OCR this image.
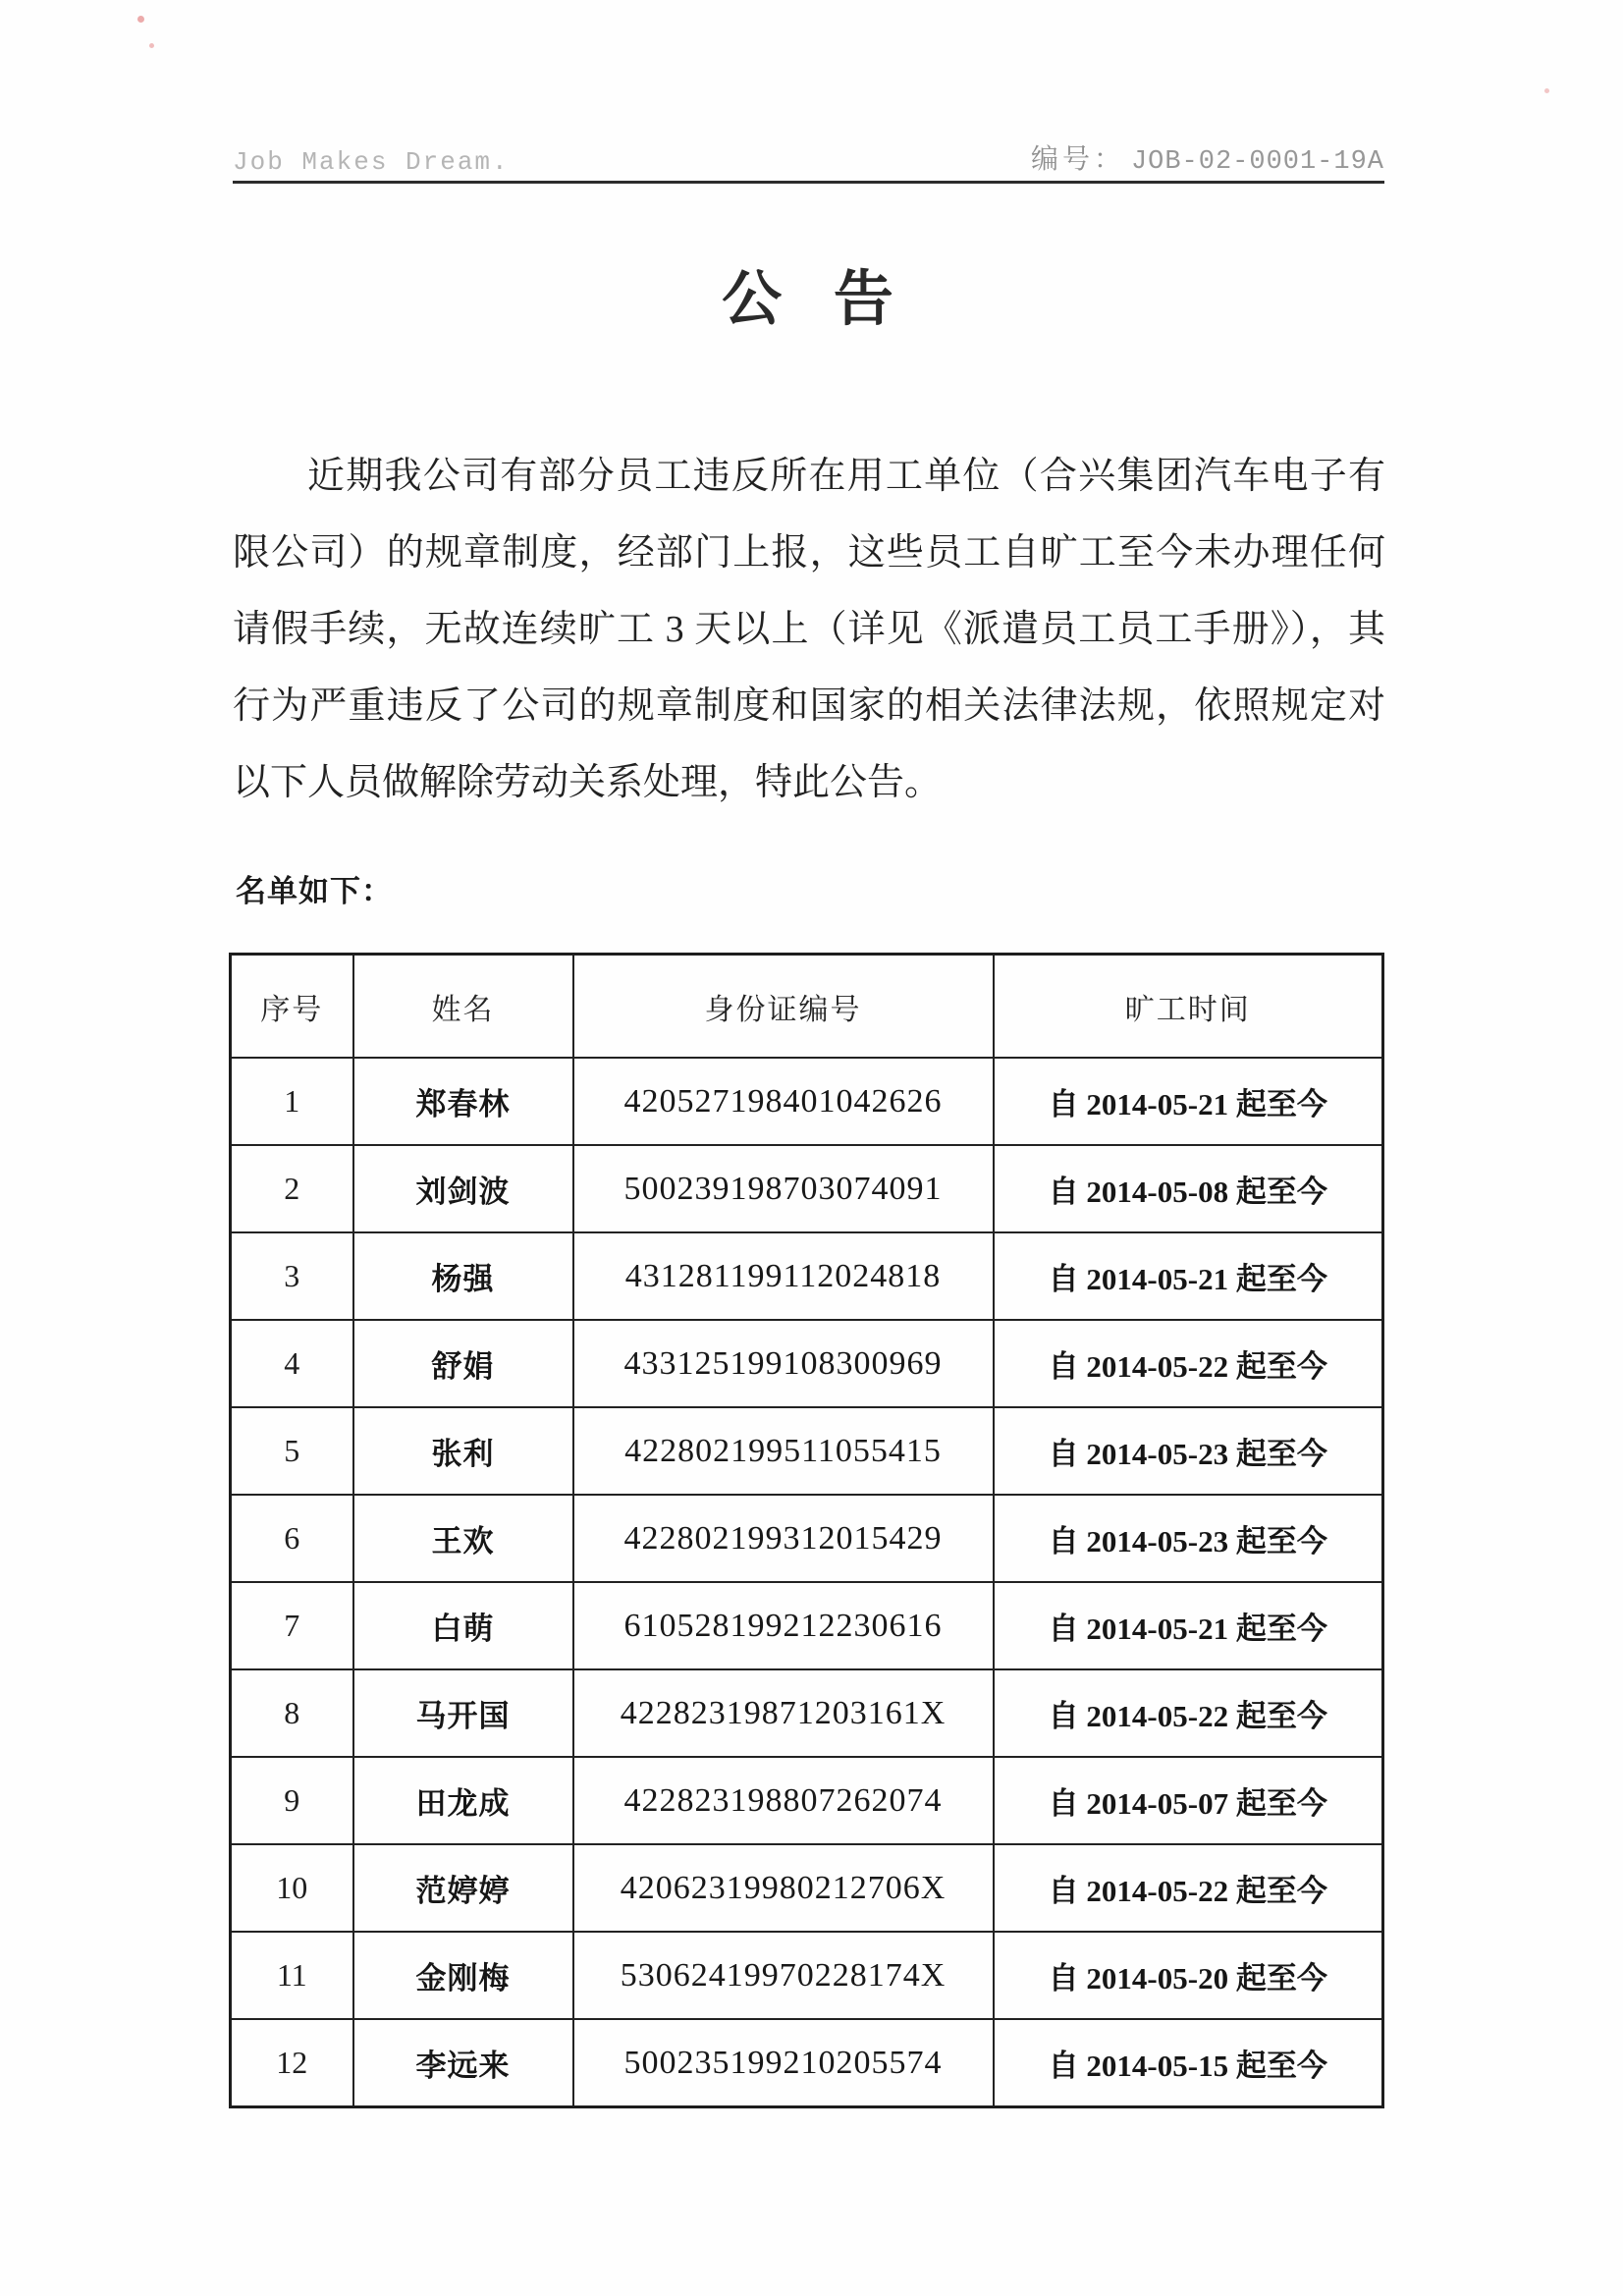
Job Makes Dream.	编号： JOB-02-0001-19A
公 告
近期我公司有部分员工违反所在用工单位（合兴集团汽车电子有
限公司）的规章制度，经部门上报，这些员工自旷工至今未办理任何
请假手续，无故连续旷工 3 天以上（详见《派遣员工员工手册》），其
行为严重违反了公司的规章制度和国家的相关法律法规，依照规定对
以下人员做解除劳动关系处理，特此公告。
名单如下：
序号	姓名	身份证编号	旷工时间
1	郑春林	420527198401042626	自 2014-05-21 起至今
2	刘剑波	500239198703074091	自 2014-05-08 起至今
3	杨强	431281199112024818	自 2014-05-21 起至今
4	舒娟	433125199108300969	自 2014-05-22 起至今
5	张利	422802199511055415	自 2014-05-23 起至今
6	王欢	422802199312015429	自 2014-05-23 起至今
7	白萌	610528199212230616	自 2014-05-21 起至今
8	马开国	42282319871203161X	自 2014-05-22 起至今
9	田龙成	422823198807262074	自 2014-05-07 起至今
10	范婷婷	42062319980212706X	自 2014-05-22 起至今
11	金刚梅	53062419970228174X	自 2014-05-20 起至今
12	李远来	500235199210205574	自 2014-05-15 起至今
